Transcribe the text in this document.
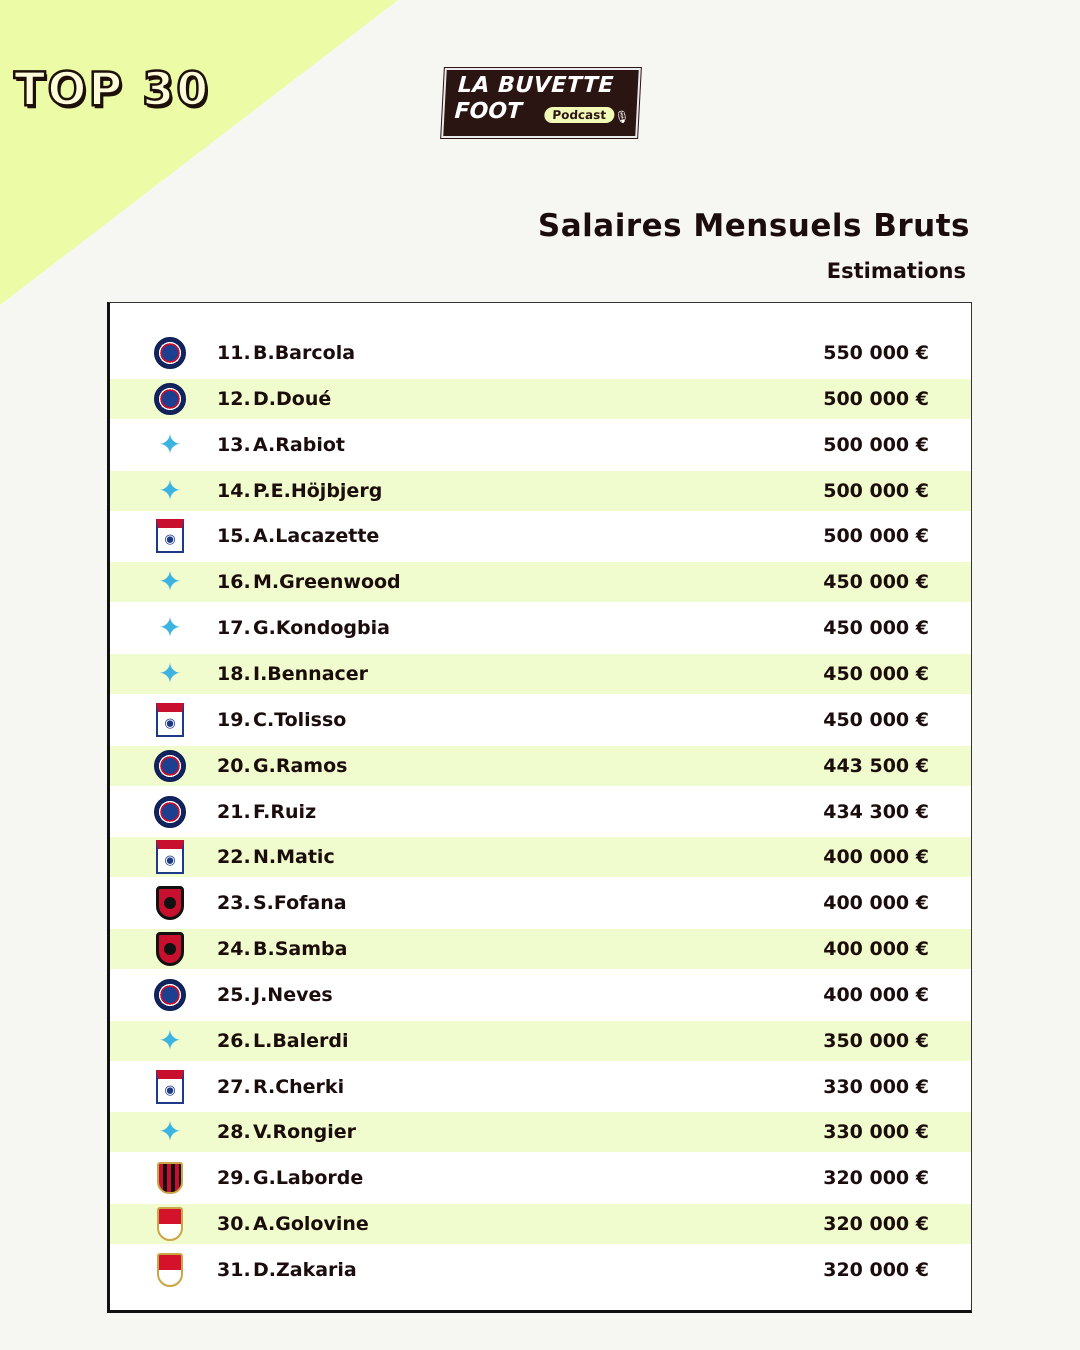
TOP 30	LA BUVETTE
FOOT	Podcast 🎙
Salaires Mensuels Bruts
Estimations
11. B.Barcola	550 000 €
12. D.Doué	500 000 €
✦ 13. A.Rabiot	500 000 €
✦ 14. P.E.Höjbjerg	500 000 €
◉	15. A.Lacazette	500 000 €
✦ 16. M.Greenwood	450 000 €
✦ 17. G.Kondogbia	450 000 €
✦ 18. I.Bennacer	450 000 €
◉	19. C.Tolisso	450 000 €
20. G.Ramos	443 500 €
21. F.Ruiz	434 300 €
◉	22. N.Matic	400 000 €
23. S.Fofana	400 000 €
24. B.Samba	400 000 €
25. J.Neves	400 000 €
✦ 26. L.Balerdi	350 000 €
◉	27. R.Cherki	330 000 €
✦ 28. V.Rongier	330 000 €
29. G.Laborde	320 000 €
30. A.Golovine	320 000 €
31. D.Zakaria	320 000 €
